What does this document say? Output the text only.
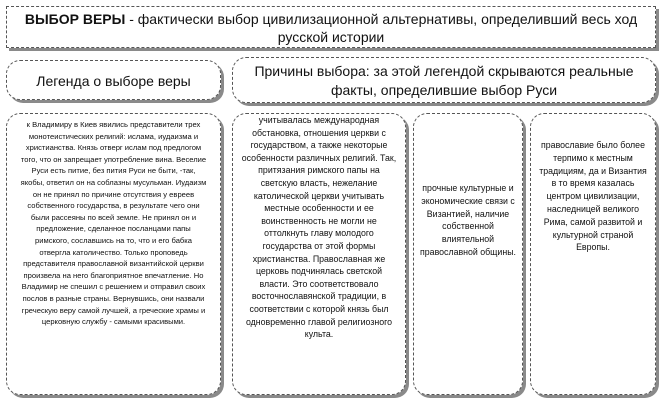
ВЫБОР ВЕРЫ - фактически выбор цивилизационной альтернативы, определивший весь ход русской истории
Легенда о выборе веры
Причины выбора: за этой легендой скрываются реальные факты, определившие выбор Руси
к Владимиру в Киев явились представители трех монотеистических религий: ислама, иудаизма и христианства. Князь отверг ислам под предлогом того, что он запрещает употребление вина. Веселие Руси есть питие, без пития Руси не быти, -так, якобы, ответил он на соблазны мусульман. Иудаизм он не принял по причине отсутствия у евреев собственного государства, в результате чего они были рассеяны по всей земле. Не принял он и предложение, сделанное посланцами папы римского, сославшись на то, что и его бабка отвергла католичество. Только проповедь представителя православной византийской церкви произвела на него благоприятное впечатление. Но Владимир не спешил с решением и отправил своих послов в разные страны. Вернувшись, они назвали греческую веру самой лучшей, а греческие храмы и церковную службу - самыми красивыми.
учитывалась международная обстановка, отношения церкви с государством, а также некоторые особенности различных религий. Так, притязания римского папы на светскую власть, нежелание католической церкви учитывать местные особенности и ее воинственность не могли не оттолкнуть главу молодого государства от этой формы христианства. Православная же церковь подчинялась светской власти. Это соответствовало восточнославянской традиции, в соответствии с которой князь был одновременно главой религиозного культа.
прочные культурные и экономические связи с Византией, наличие собственной влиятельной православной общины.
православие было более терпимо к местным традициям, да и Византия в то время казалась центром цивилизации, наследницей великого Рима, самой развитой и культурной страной Европы.
